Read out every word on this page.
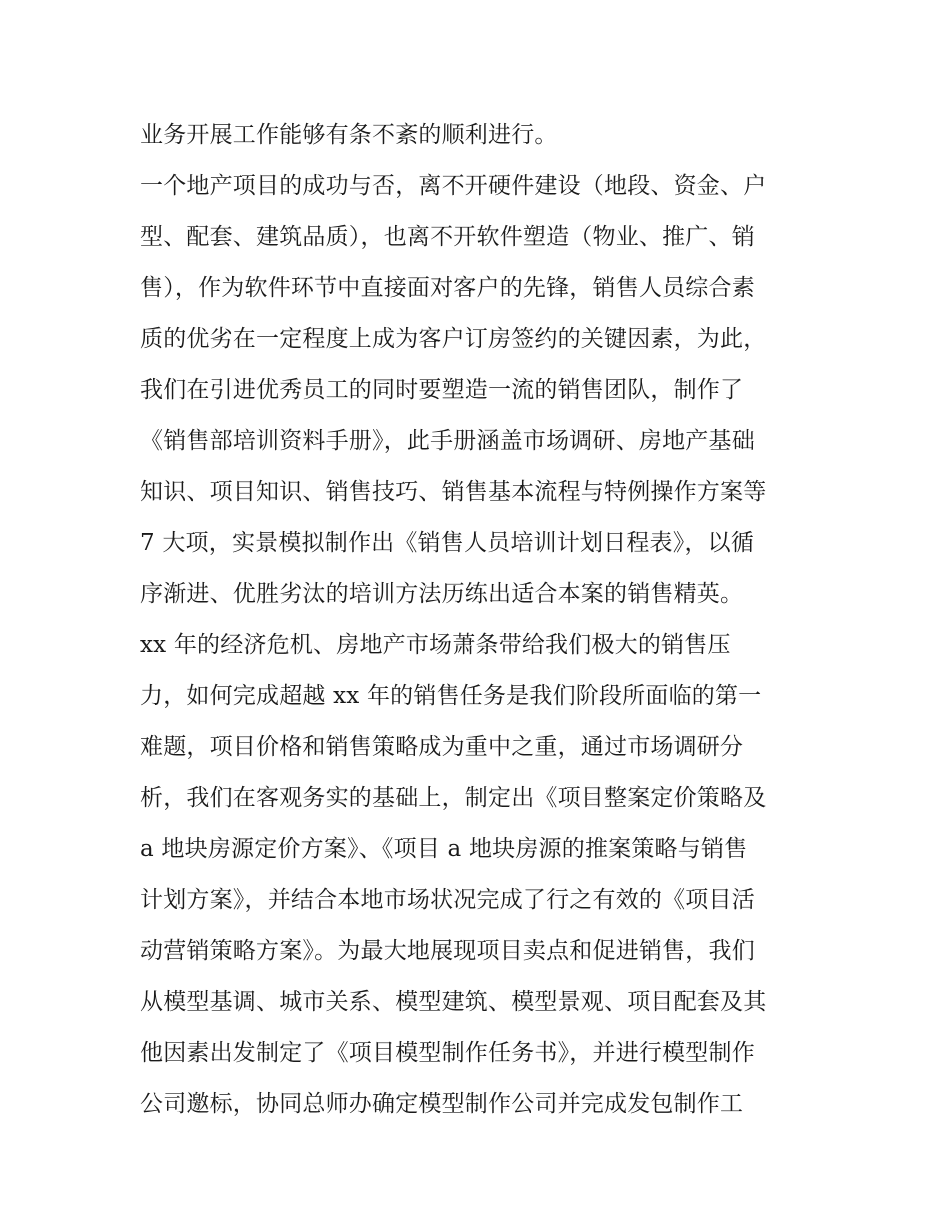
业务开展工作能够有条不紊的顺利进行。
一个地产项目的成功与否，离不开硬件建设（地段、资金、户
型、配套、建筑品质），也离不开软件塑造（物业、推广、销
售），作为软件环节中直接面对客户的先锋，销售人员综合素
质的优劣在一定程度上成为客户订房签约的关键因素，为此，
我们在引进优秀员工的同时要塑造一流的销售团队，制作了
《销售部培训资料手册》，此手册涵盖市场调研、房地产基础
知识、项目知识、销售技巧、销售基本流程与特例操作方案等
7 大项，实景模拟制作出《销售人员培训计划日程表》，以循
序渐进、优胜劣汰的培训方法历练出适合本案的销售精英。
xx 年的经济危机、房地产市场萧条带给我们极大的销售压
力，如何完成超越 xx 年的销售任务是我们阶段所面临的第一
难题，项目价格和销售策略成为重中之重，通过市场调研分
析，我们在客观务实的基础上，制定出《项目整案定价策略及
a 地块房源定价方案》、《项目 a 地块房源的推案策略与销售
计划方案》，并结合本地市场状况完成了行之有效的《项目活
动营销策略方案》。为最大地展现项目卖点和促进销售，我们
从模型基调、城市关系、模型建筑、模型景观、项目配套及其
他因素出发制定了《项目模型制作任务书》，并进行模型制作
公司邀标，协同总师办确定模型制作公司并完成发包制作工
